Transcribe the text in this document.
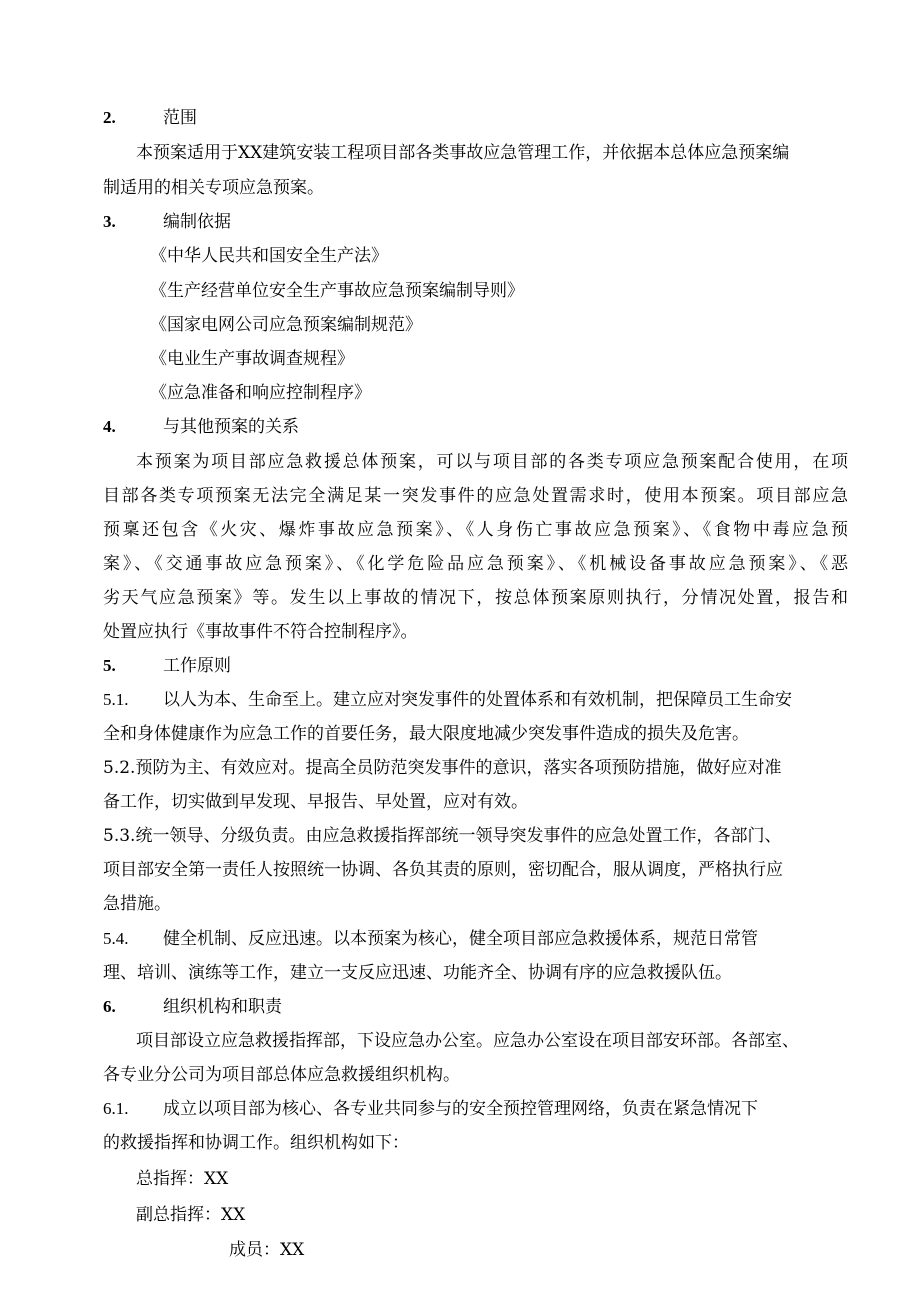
2.	范围
本预案适用于XX建筑安装工程项目部各类事故应急管理工作，并依据本总体应急预案编
制适用的相关专项应急预案。
3.	编制依据
《中华人民共和国安全生产法》
《生产经营单位安全生产事故应急预案编制导则》
《国家电网公司应急预案编制规范》
《电业生产事故调查规程》
《应急准备和响应控制程序》
4.	与其他预案的关系
本预案为项目部应急救援总体预案，可以与项目部的各类专项应急预案配合使用，在项
目部各类专项预案无法完全满足某一突发事件的应急处置需求时，使用本预案。项目部应急
预稟还包含《火灾、爆炸事故应急预案》、《人身伤亡事故应急预案》、《食物中毒应急预
案》、《交通事故应急预案》、《化学危险品应急预案》、《机械设备事故应急预案》、《恶
劣天气应急预案》等。发生以上事故的情况下，按总体预案原则执行，分情况处置，报告和
处置应执行《事故事件不符合控制程序》。
5.	工作原则
5.1. 以人为本、生命至上。建立应对突发事件的处置体系和有效机制，把保障员工生命安
全和身体健康作为应急工作的首要任务，最大限度地减少突发事件造成的损失及危害。
5.2.预防为主、有效应对。提高全员防范突发事件的意识，落实各项预防措施，做好应对准
备工作，切实做到早发现、早报告、早处置，应对有效。
5.3.统一领导、分级负责。由应急救援指挥部统一领导突发事件的应急处置工作，各部门、
项目部安全第一责任人按照统一协调、各负其责的原则，密切配合，服从调度，严格执行应
急措施。
5.4. 健全机制、反应迅速。以本预案为核心，健全项目部应急救援体系，规范日常管
理、培训、演练等工作，建立一支反应迅速、功能齐全、协调有序的应急救援队伍。
6.	组织机构和职责
项目部设立应急救援指挥部，下设应急办公室。应急办公室设在项目部安环部。各部室、
各专业分公司为项目部总体应急救援组织机构。
6.1. 成立以项目部为核心、各专业共同参与的安全预控管理网络，负责在紧急情况下
的救援指挥和协调工作。组织机构如下：
总指挥：XX
副总指挥：XX
成员：XX
